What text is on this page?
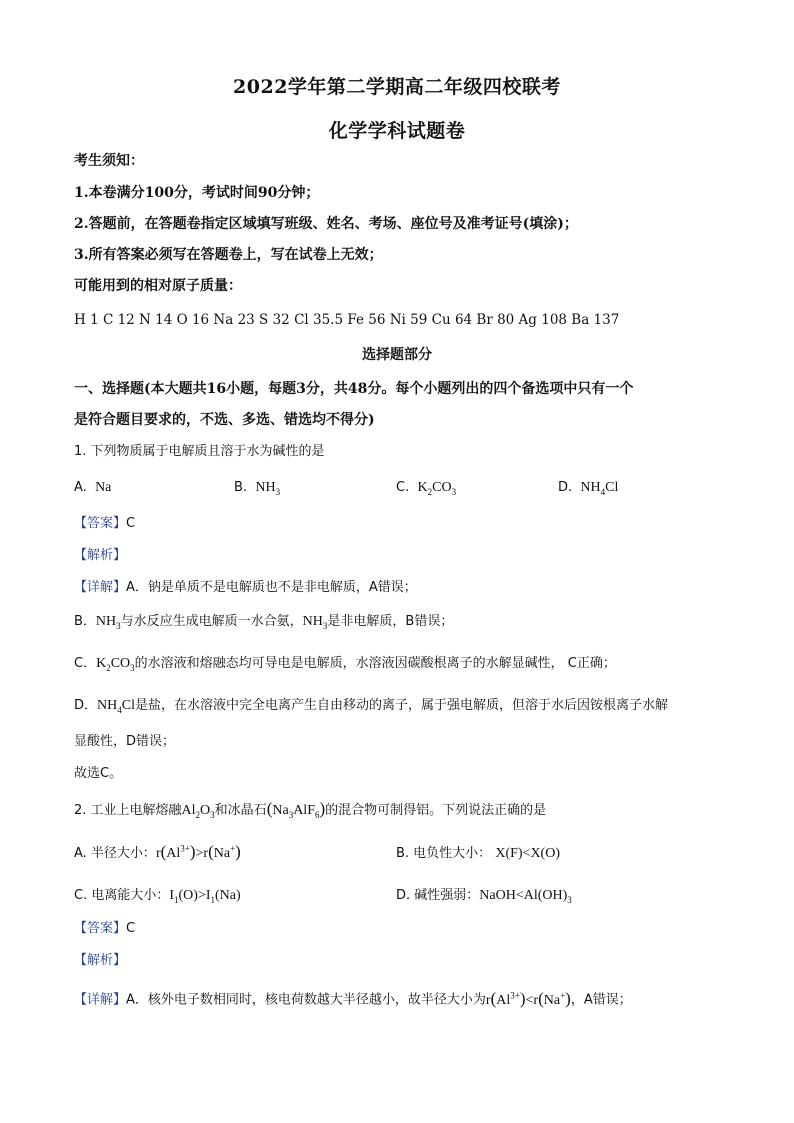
2022学年第二学期高二年级四校联考
化学学科试题卷
考生须知：
1.本卷满分100分，考试时间90分钟；
2.答题前，在答题卷指定区域填写班级、姓名、考场、座位号及准考证号(填涂)；
3.所有答案必须写在答题卷上，写在试卷上无效；
可能用到的相对原子质量：
H 1 C 12 N 14 O 16 Na 23 S 32 Cl 35.5 Fe 56 Ni 59 Cu 64 Br 80 Ag 108 Ba 137
选择题部分
一、选择题(本大题共16小题，每题3分，共48分。每个小题列出的四个备选项中只有一个
是符合题目要求的，不选、多选、错选均不得分)
1. 下列物质属于电解质且溶于水为碱性的是
A. Na	B. $NH_3$	C. $K_2CO_3$	D. $NH_4Cl$
【答案】C
【解析】
【详解】A．钠是单质不是电解质也不是非电解质，A错误；
B．$NH_3$与水反应生成电解质一水合氨，$NH_3$是非电解质，B错误；
C．$K_2CO_3$的水溶液和熔融态均可导电是电解质，水溶液因碳酸根离子的水解显碱性， C正确；
D．$NH_4Cl$是盐，在水溶液中完全电离产生自由移动的离子，属于强电解质，但溶于水后因铵根离子水解
显酸性，D错误；
故选C。
2. 工业上电解熔融$Al_2O_3$和冰晶石$(Na_3AlF_6)$的混合物可制得铝。下列说法正确的是
A. 半径大小：$r(Al^{3+})>r(Na^+)$	B. 电负性大小： X(F)<X(O)
C. 电离能大小：$I_1(O)>I_1(Na)$	D. 碱性强弱：$NaOH<Al(OH)_3$
【答案】C
【解析】
【详解】A．核外电子数相同时，核电荷数越大半径越小，故半径大小为$r(Al^{3+})<r(Na^+)$，A错误；
